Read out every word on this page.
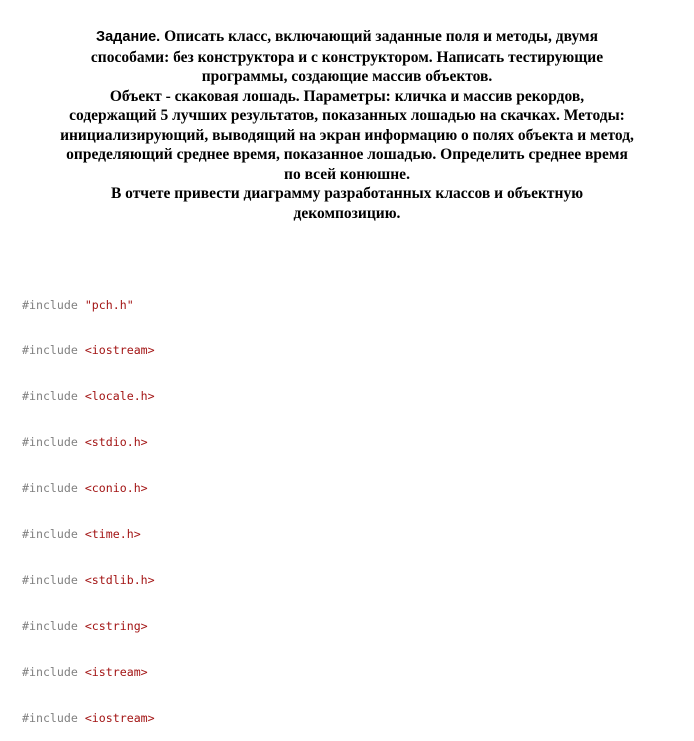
Задание. Описать класс, включающий заданные поля и методы, двумя
способами: без конструктора и с конструктором. Написать тестирующие
программы, создающие массив объектов.
Объект - скаковая лошадь. Параметры: кличка и массив рекордов,
содержащий 5 лучших результатов, показанных лошадью на скачках. Методы:
инициализирующий, выводящий на экран информацию о полях объекта и метод,
определяющий среднее время, показанное лошадью. Определить среднее время
по всей конюшне.
В отчете привести диаграмму разработанных классов и объектную
декомпозицию.

#include "pch.h"

#include <iostream>

#include <locale.h>

#include <stdio.h>

#include <conio.h>

#include <time.h>

#include <stdlib.h>

#include <cstring>

#include <istream>

#include <iostream>
